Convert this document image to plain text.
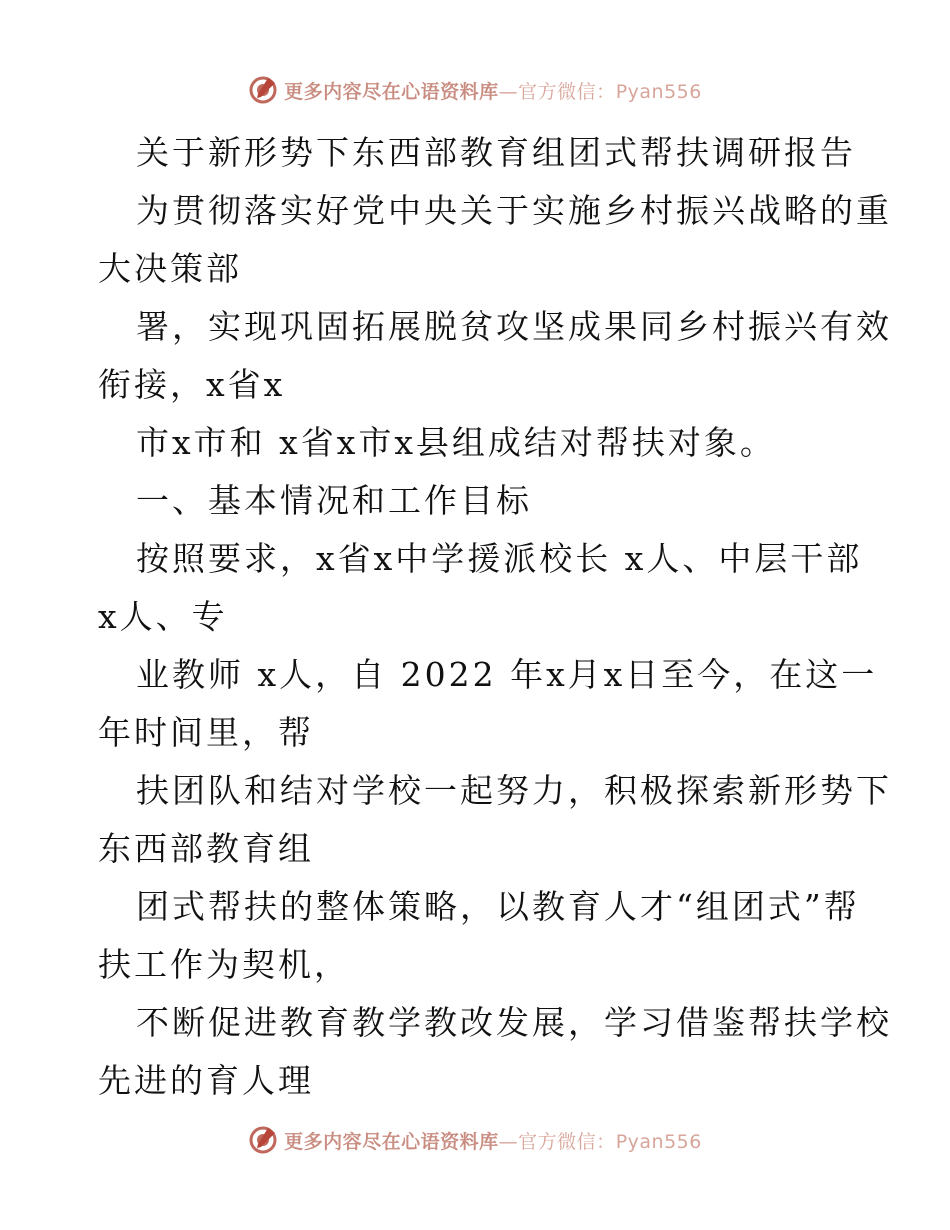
更多内容尽在心语资料库—官方微信：Pyan556
关于新形势下东西部教育组团式帮扶调研报告
为贯彻落实好党中央关于实施乡村振兴战略的重
大决策部
署，实现巩固拓展脱贫攻坚成果同乡村振兴有效
衔接，x省x
市x市和 x省x市x县组成结对帮扶对象。
一、基本情况和工作目标
按照要求，x省x中学援派校长 x人、中层干部
x人、专
业教师 x人，自 2022 年x月x日至今，在这一
年时间里，帮
扶团队和结对学校一起努力，积极探索新形势下
东西部教育组
团式帮扶的整体策略，以教育人才“组团式”帮
扶工作为契机，
不断促进教育教学教改发展，学习借鉴帮扶学校
先进的育人理
更多内容尽在心语资料库—官方微信：Pyan556
